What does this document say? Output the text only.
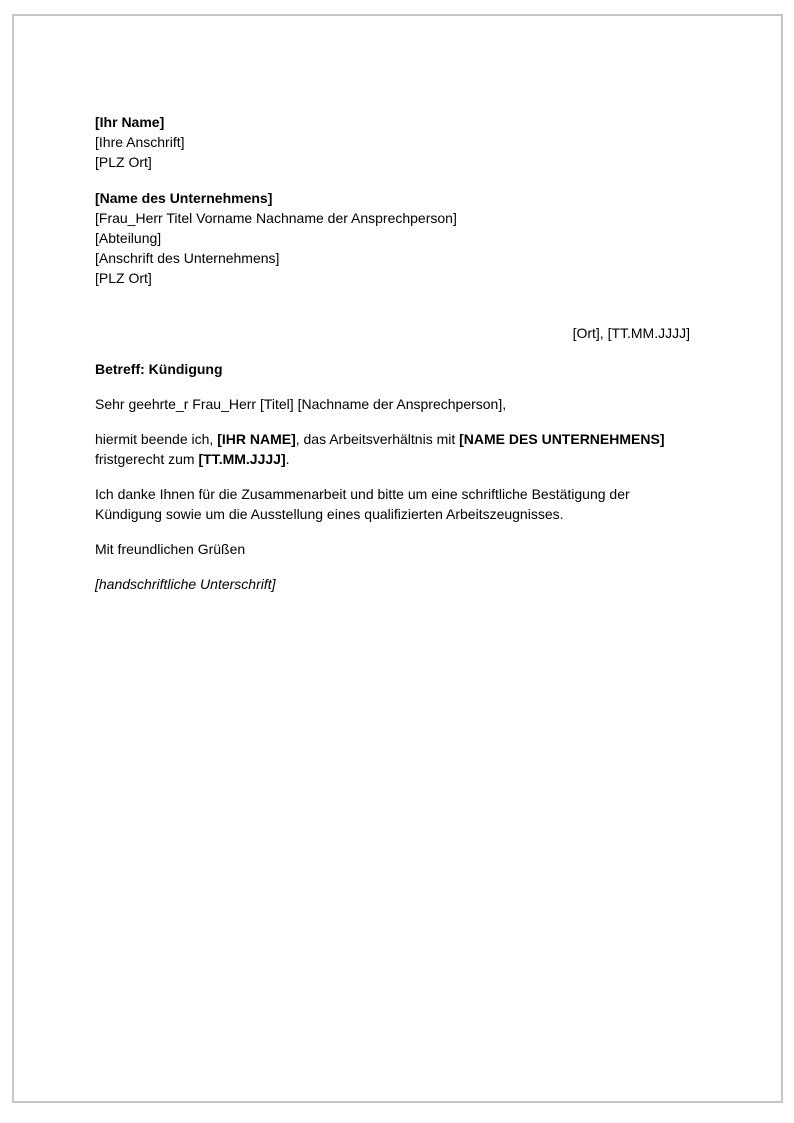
[Ihr Name]
[Ihre Anschrift]
[PLZ Ort]
[Name des Unternehmens]
[Frau_Herr Titel Vorname Nachname der Ansprechperson]
[Abteilung]
[Anschrift des Unternehmens]
[PLZ Ort]
[Ort], [TT.MM.JJJJ]
Betreff: Kündigung
Sehr geehrte_r Frau_Herr [Titel] [Nachname der Ansprechperson],
hiermit beende ich, [IHR NAME], das Arbeitsverhältnis mit [NAME DES UNTERNEHMENS] fristgerecht zum [TT.MM.JJJJ].
Ich danke Ihnen für die Zusammenarbeit und bitte um eine schriftliche Bestätigung der Kündigung sowie um die Ausstellung eines qualifizierten Arbeitszeugnisses.
Mit freundlichen Grüßen
[handschriftliche Unterschrift]
